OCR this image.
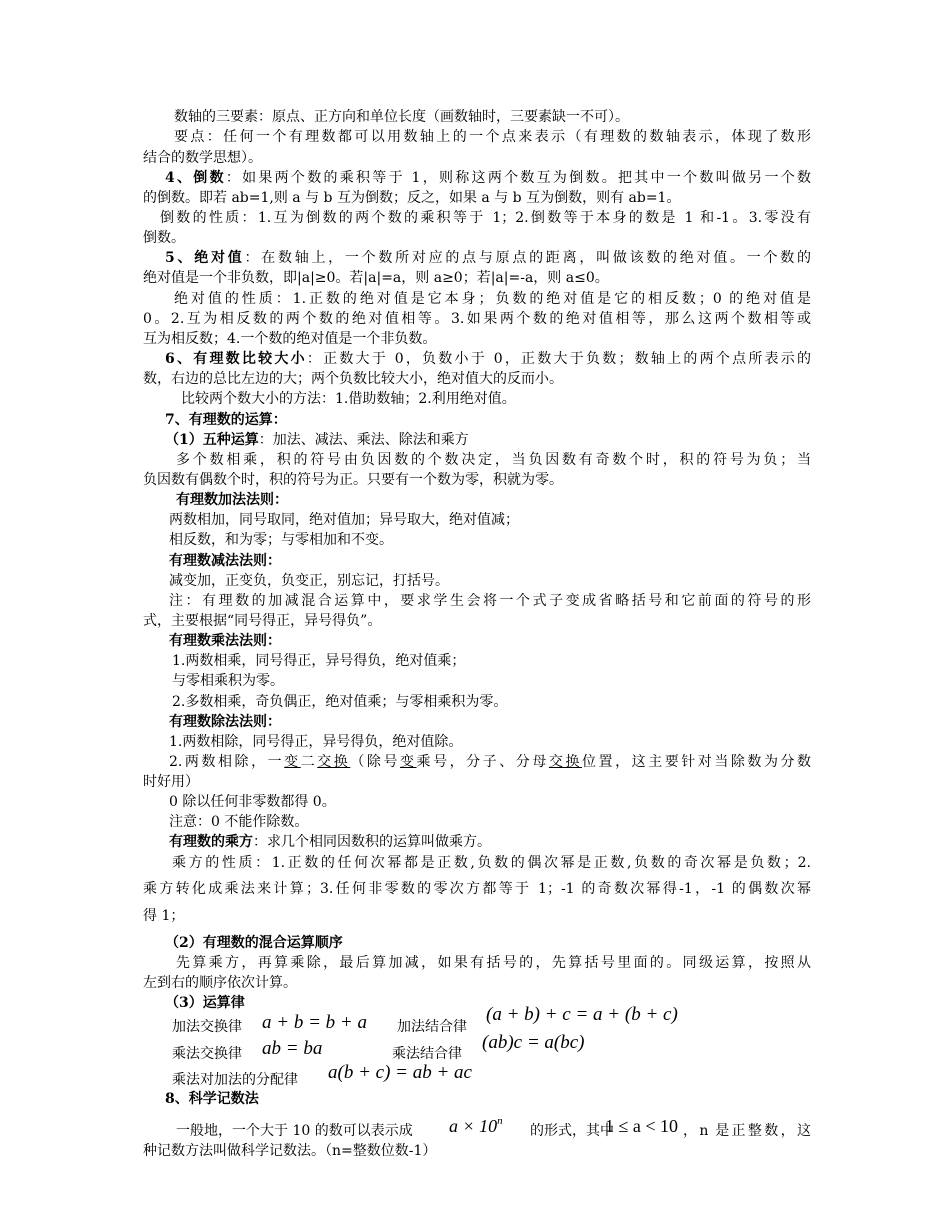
数轴的三要素：原点、正方向和单位长度（画数轴时，三要素缺一不可）。
要点：任何一个有理数都可以用数轴上的一个点来表示（有理数的数轴表示，体现了数形
结合的数学思想）。
4、倒数：如果两个数的乘积等于 1，则称这两个数互为倒数。把其中一个数叫做另一个数
的倒数。即若 ab=1,则 a 与 b 互为倒数；反之，如果 a 与 b 互为倒数，则有 ab=1。
倒数的性质：1.互为倒数的两个数的乘积等于 1；2.倒数等于本身的数是 1 和-1。3.零没有
倒数。
5、绝对值：在数轴上，一个数所对应的点与原点的距离，叫做该数的绝对值。一个数的
绝对值是一个非负数，即|a|≥0。若|a|=a，则 a≥0；若|a|=-a，则 a≤0。
绝对值的性质：1.正数的绝对值是它本身；负数的绝对值是它的相反数；0 的绝对值是
0。2.互为相反数的两个数的绝对值相等。3.如果两个数的绝对值相等，那么这两个数相等或
互为相反数；4.一个数的绝对值是一个非负数。
6、有理数比较大小：正数大于 0，负数小于 0，正数大于负数；数轴上的两个点所表示的
数，右边的总比左边的大；两个负数比较大小，绝对值大的反而小。
比较两个数大小的方法：1.借助数轴；2.利用绝对值。
7、有理数的运算：
（1）五种运算：加法、减法、乘法、除法和乘方
多个数相乘，积的符号由负因数的个数决定，当负因数有奇数个时，积的符号为负；当
负因数有偶数个时，积的符号为正。只要有一个数为零，积就为零。
有理数加法法则：
两数相加，同号取同，绝对值加；异号取大，绝对值减；
相反数，和为零；与零相加和不变。
有理数减法法则：
减变加，正变负，负变正，别忘记，打括号。
注：有理数的加减混合运算中，要求学生会将一个式子变成省略括号和它前面的符号的形
式，主要根据“同号得正，异号得负”。
有理数乘法法则：
1.两数相乘，同号得正，异号得负，绝对值乘；
与零相乘积为零。
2.多数相乘，奇负偶正，绝对值乘；与零相乘积为零。
有理数除法法则：
1.两数相除，同号得正，异号得负，绝对值除。
2.两数相除，一变二交换（除号变乘号，分子、分母交换位置，这主要针对当除数为分数
时好用）
0 除以任何非零数都得 0。
注意：0 不能作除数。
有理数的乘方：求几个相同因数积的运算叫做乘方。
乘方的性质：1.正数的任何次幂都是正数,负数的偶次幂是正数,负数的奇次幂是负数；2.
乘方转化成乘法来计算；3.任何非零数的零次方都等于 1；-1 的奇数次幂得-1，-1 的偶数次幂
得 1；
（2）有理数的混合运算顺序
先算乘方，再算乘除，最后算加减，如果有括号的，先算括号里面的。同级运算，按照从
左到右的顺序依次计算。
（3）运算律
加法交换律 a + b = b + a 加法结合律
(a + b) + c = a + (b + c)
乘法交换律 ab = ba	乘法结合律
(ab)c = a(bc)
乘法对加法的分配律 a(b + c) = ab + ac
8、科学记数法
一般地，一个大于 10 的数可以表示成 $a \times 10^n$
的形式，其中
1 ≤ a < 10 ，n 是正整数，这
种记数方法叫做科学记数法。（n=整数位数-1）
